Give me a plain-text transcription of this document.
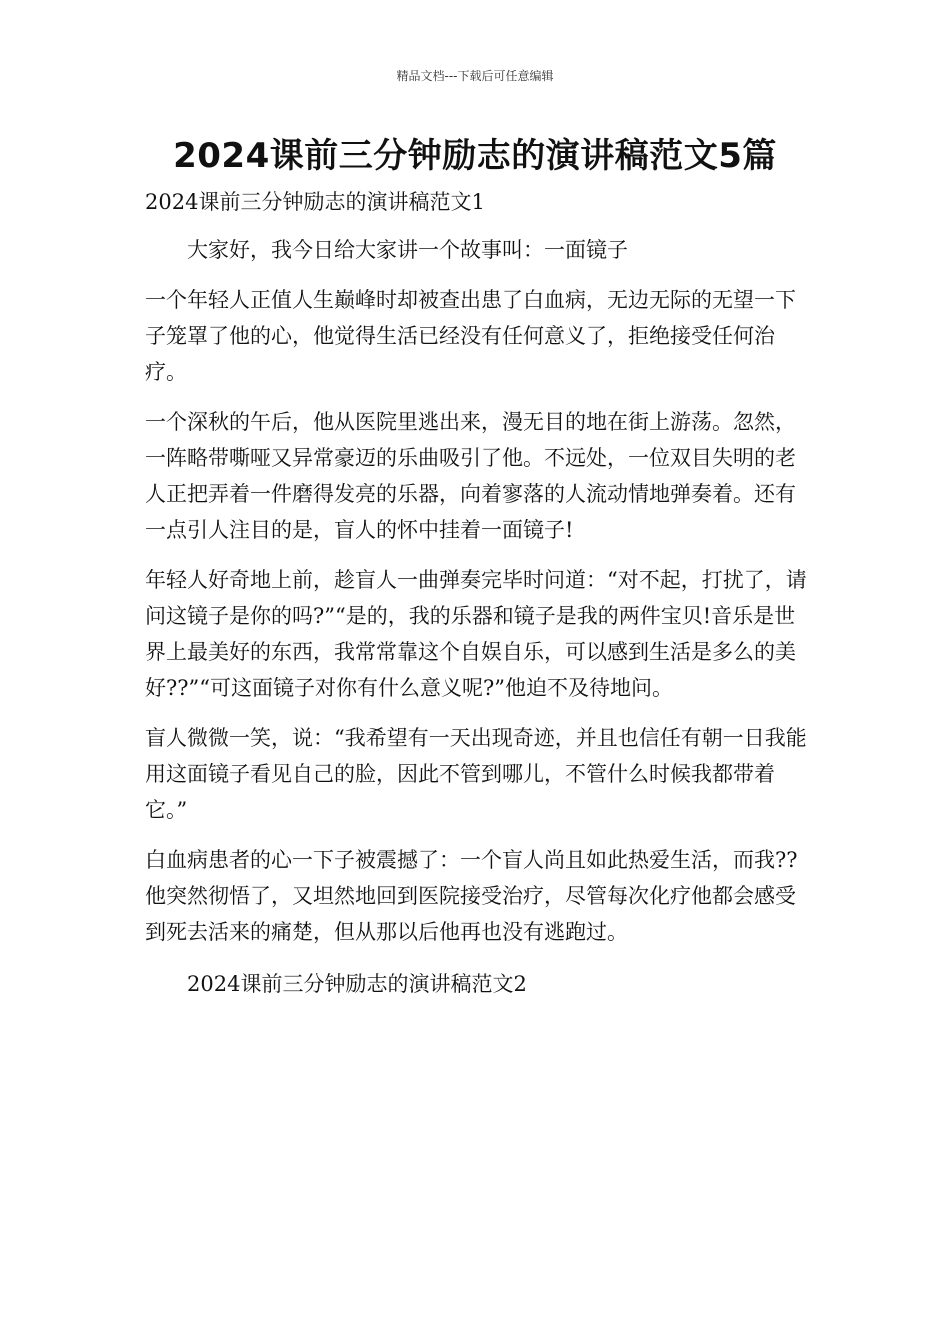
精品文档---下载后可任意编辑
2024课前三分钟励志的演讲稿范文5篇

2024课前三分钟励志的演讲稿范文1

大家好，我今日给大家讲一个故事叫：一面镜子

一个年轻人正值人生巅峰时却被查出患了白血病，无边无际的无望一下子笼罩了他的心，他觉得生活已经没有任何意义了，拒绝接受任何治疗。

一个深秋的午后，他从医院里逃出来，漫无目的地在街上游荡。忽然，一阵略带嘶哑又异常豪迈的乐曲吸引了他。不远处，一位双目失明的老人正把弄着一件磨得发亮的乐器，向着寥落的人流动情地弹奏着。还有一点引人注目的是，盲人的怀中挂着一面镜子!

年轻人好奇地上前，趁盲人一曲弹奏完毕时问道：“对不起，打扰了，请问这镜子是你的吗?”“是的，我的乐器和镜子是我的两件宝贝!音乐是世界上最美好的东西，我常常靠这个自娱自乐，可以感到生活是多么的美好??”“可这面镜子对你有什么意义呢?”他迫不及待地问。

盲人微微一笑，说：“我希望有一天出现奇迹，并且也信任有朝一日我能用这面镜子看见自己的脸，因此不管到哪儿，不管什么时候我都带着它。”

白血病患者的心一下子被震撼了：一个盲人尚且如此热爱生活，而我??他突然彻悟了，又坦然地回到医院接受治疗，尽管每次化疗他都会感受到死去活来的痛楚，但从那以后他再也没有逃跑过。

2024课前三分钟励志的演讲稿范文2
